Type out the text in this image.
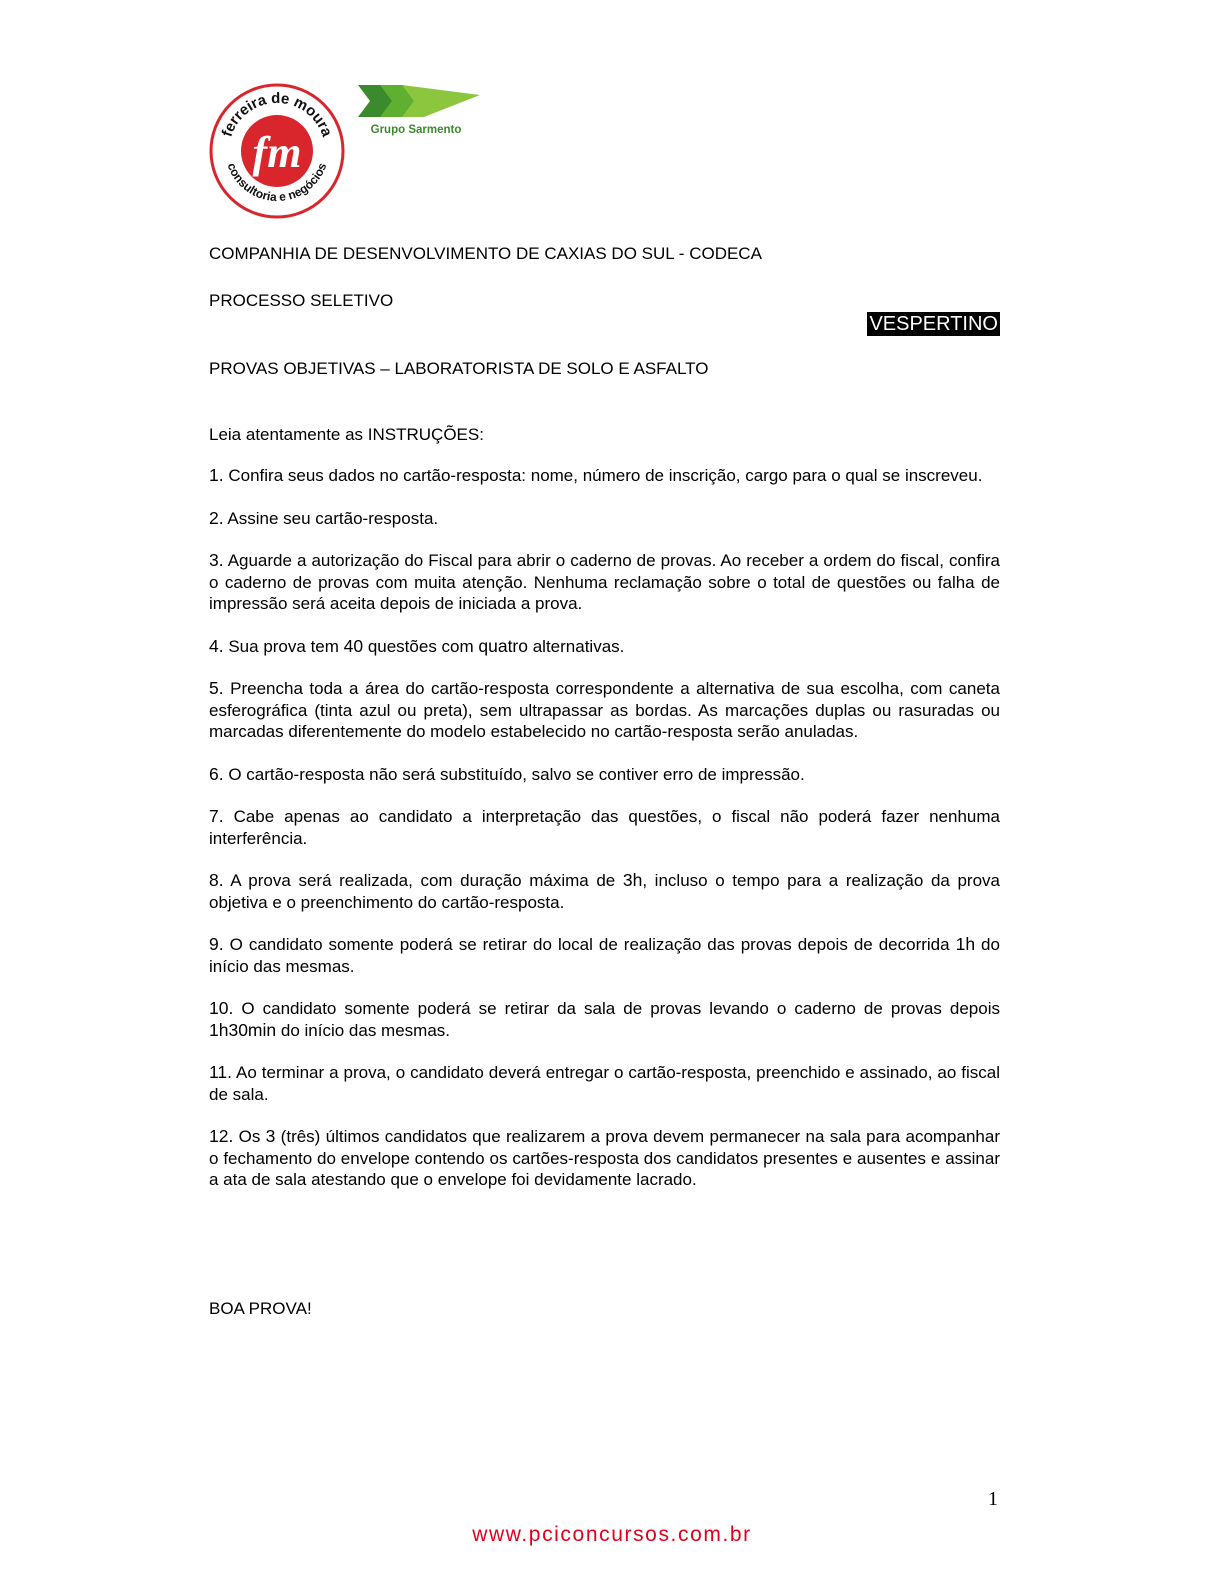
fm
ferreira de moura
consultoria e negócios
Grupo Sarmento

COMPANHIA DE DESENVOLVIMENTO DE CAXIAS DO SUL - CODECA

PROCESSO SELETIVO

VESPERTINO

PROVAS OBJETIVAS – LABORATORISTA DE SOLO E ASFALTO

Leia atentamente as INSTRUÇÕES:

1. Confira seus dados no cartão-resposta: nome, número de inscrição, cargo para o qual se inscreveu.

2. Assine seu cartão-resposta.

3. Aguarde a autorização do Fiscal para abrir o caderno de provas. Ao receber a ordem do fiscal, confira o caderno de provas com muita atenção. Nenhuma reclamação sobre o total de questões ou falha de impressão será aceita depois de iniciada a prova.

4. Sua prova tem 40 questões com quatro alternativas.

5. Preencha toda a área do cartão-resposta correspondente a alternativa de sua escolha, com caneta esferográfica (tinta azul ou preta), sem ultrapassar as bordas. As marcações duplas ou rasuradas ou marcadas diferentemente do modelo estabelecido no cartão-resposta serão anuladas.

6. O cartão-resposta não será substituído, salvo se contiver erro de impressão.

7. Cabe apenas ao candidato a interpretação das questões, o fiscal não poderá fazer nenhuma interferência.

8. A prova será realizada, com duração máxima de 3h, incluso o tempo para a realização da prova objetiva e o preenchimento do cartão-resposta.

9. O candidato somente poderá se retirar do local de realização das provas depois de decorrida 1h do início das mesmas.

10. O candidato somente poderá se retirar da sala de provas levando o caderno de provas depois 1h30min do início das mesmas.

11. Ao terminar a prova, o candidato deverá entregar o cartão-resposta, preenchido e assinado, ao fiscal de sala.

12. Os 3 (três) últimos candidatos que realizarem a prova devem permanecer na sala para acompanhar o fechamento do envelope contendo os cartões-resposta dos candidatos presentes e ausentes e assinar a ata de sala atestando que o envelope foi devidamente lacrado.

BOA PROVA!

1
www.pciconcursos.com.br
